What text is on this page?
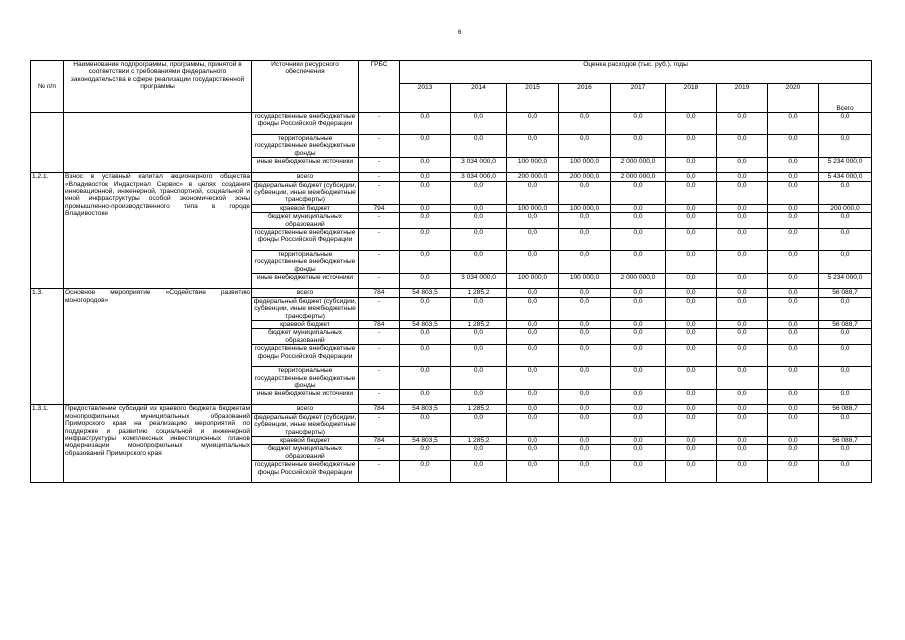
6
№ п/п	Наименование подпрограммы, программы, принятой в соответствии с требованиями федерального законодательства в сфере реализации государственной программы	Источники ресурсного обеспечения	ГРБС	Оценка расходов (тыс. руб.), годы								
				2013	2014	2015	2016	2017	2018	2019	2020	Всего
		государственные внебюджетные фонды Российской Федерации	-	0,0	0,0	0,0	0,0	0,0	0,0	0,0	0,0	0,0
		территориальные государственные внебюджетные фонды	-	0,0	0,0	0,0	0,0	0,0	0,0	0,0	0,0	0,0
		иные внебюджетные источники	-	0,0	3 034 000,0	100 000,0	100 000,0	2 000 000,0	0,0	0,0	0,0	5 234 000,0
1.2.1.	Взнос в уставный капитал акционерного общества «Владивосток Индастриал Сервис» в целях создания инновационной, инженерной, транспортной, социальной и иной инфраструктуры особой экономической зоны промышленно-производственного типа в городе Владивостоке	всего	-	0,0	3 034 000,0	200 000,0	200 000,0	2 000 000,0	0,0	0,0	0,0	5 434 000,0
		федеральный бюджет (субсидии, субвенции, иные межбюджетные трансферты)	-	0,0	0,0	0,0	0,0	0,0	0,0	0,0	0,0	0,0
		краевой бюджет	794	0,0	0,0	100 000,0	100 000,0	0,0	0,0	0,0	0,0	200 000,0
		бюджет муниципальных образований	-	0,0	0,0	0,0	0,0	0,0	0,0	0,0	0,0	0,0
		государственные внебюджетные фонды Российской Федерации	-	0,0	0,0	0,0	0,0	0,0	0,0	0,0	0,0	0,0
		территориальные государственные внебюджетные фонды	-	0,0	0,0	0,0	0,0	0,0	0,0	0,0	0,0	0,0
		иные внебюджетные источники	-	0,0	3 034 000,0	100 000,0	100 000,0	2 000 000,0	0,0	0,0	0,0	5 234 000,0
1.3.	Основное мероприятие «Содействие развитию моногородов»	всего	784	54 803,5	1 285,2	0,0	0,0	0,0	0,0	0,0	0,0	56 088,7
		федеральный бюджет (субсидии, субвенции, иные межбюджетные трансферты)	-	0,0	0,0	0,0	0,0	0,0	0,0	0,0	0,0	0,0
		краевой бюджет	784	54 803,5	1 285,2	0,0	0,0	0,0	0,0	0,0	0,0	56 088,7
		бюджет муниципальных образований	-	0,0	0,0	0,0	0,0	0,0	0,0	0,0	0,0	0,0
		государственные внебюджетные фонды Российской Федерации	-	0,0	0,0	0,0	0,0	0,0	0,0	0,0	0,0	0,0
		территориальные государственные внебюджетные фонды	-	0,0	0,0	0,0	0,0	0,0	0,0	0,0	0,0	0,0
		иные внебюджетные источники	-	0,0	0,0	0,0	0,0	0,0	0,0	0,0	0,0	0,0
1.3.1.	Предоставление субсидий из краевого бюджета бюджетам монопрофильных муниципальных образований Приморского края на реализацию мероприятий по поддержке и развитию социальной и инженерной инфраструктуры комплексных инвестиционных планов модернизации монопрофильных муниципальных образований Приморского края	всего	784	54 803,5	1 285,2	0,0	0,0	0,0	0,0	0,0	0,0	56 088,7
		федеральный бюджет (субсидии, субвенции, иные межбюджетные трансферты)	-	0,0	0,0	0,0	0,0	0,0	0,0	0,0	0,0	0,0
		краевой бюджет	784	54 803,5	1 285,2	0,0	0,0	0,0	0,0	0,0	0,0	56 088,7
		бюджет муниципальных образований	-	0,0	0,0	0,0	0,0	0,0	0,0	0,0	0,0	0,0
		государственные внебюджетные фонды Российской Федерации	-	0,0	0,0	0,0	0,0	0,0	0,0	0,0	0,0	0,0
